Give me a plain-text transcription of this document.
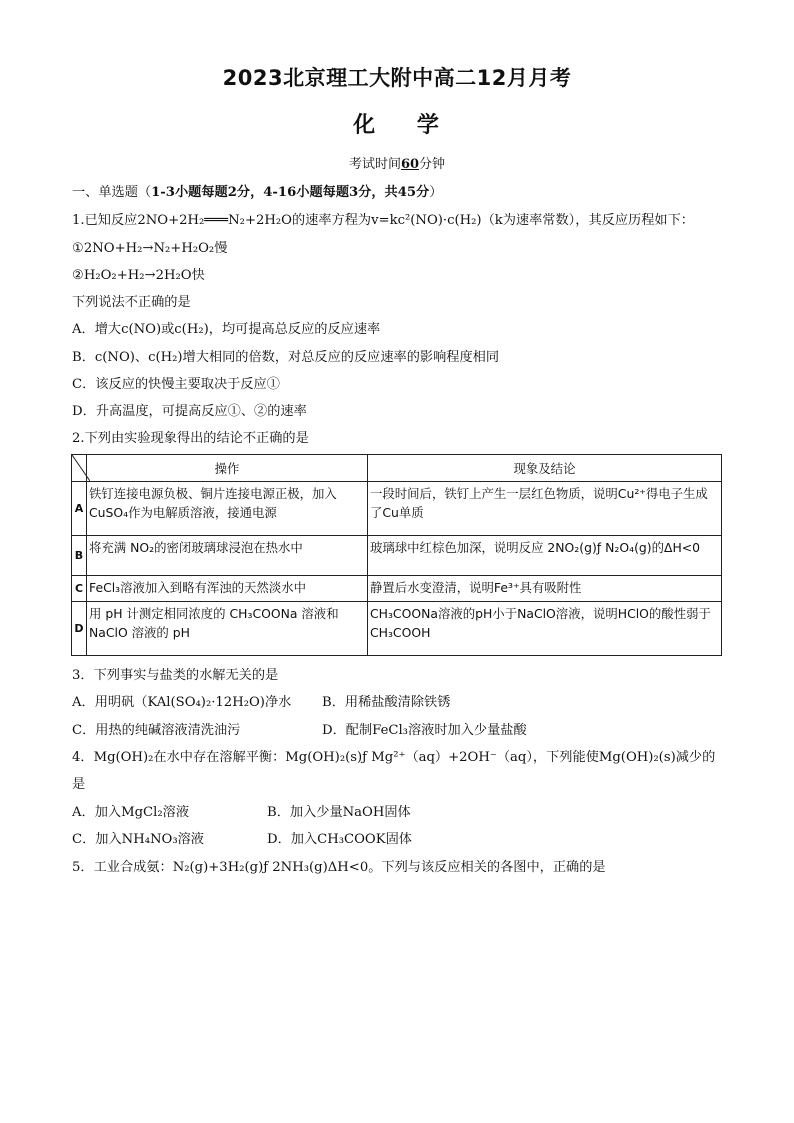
2023北京理工大附中高二12月月考
化 学
考试时间60分钟
一、单选题（1-3小题每题2分，4-16小题每题3分，共45分）
1.已知反应2NO+2H₂═══N₂+2H₂O的速率方程为v=kc²(NO)·c(H₂)（k为速率常数），其反应历程如下：
①2NO+H₂→N₂+H₂O₂慢
②H₂O₂+H₂→2H₂O快
下列说法不正确的是
A．增大c(NO)或c(H₂)，均可提高总反应的反应速率
B．c(NO)、c(H₂)增大相同的倍数，对总反应的反应速率的影响程度相同
C．该反应的快慢主要取决于反应①
D．升高温度，可提高反应①、②的速率
2.下列由实验现象得出的结论不正确的是
	操作	现象及结论
A	铁钉连接电源负极、铜片连接电源正极，加入 CuSO₄作为电解质溶液，接通电源	一段时间后，铁钉上产生一层红色物质，说明Cu²⁺得电子生成了Cu单质
B	将充满 NO₂的密闭玻璃球浸泡在热水中	玻璃球中红棕色加深，说明反应 2NO₂(g)ƒ N₂O₄(g)的ΔH<0
C	FeCl₃溶液加入到略有浑浊的天然淡水中	静置后水变澄清，说明Fe³⁺具有吸附性
D	用 pH 计测定相同浓度的 CH₃COONa 溶液和 NaClO 溶液的 pH	CH₃COONa溶液的pH小于NaClO溶液，说明HClO的酸性弱于CH₃COOH
3．下列事实与盐类的水解无关的是
A．用明矾（KAl(SO₄)₂·12H₂O)净水 B．用稀盐酸清除铁锈
C．用热的纯碱溶液清洗油污	D．配制FeCl₃溶液时加入少量盐酸
4．Mg(OH)₂在水中存在溶解平衡：Mg(OH)₂(s)ƒ Mg²⁺（aq）+2OH⁻（aq），下列能使Mg(OH)₂(s)减少的
是
A．加入MgCl₂溶液	B．加入少量NaOH固体
C．加入NH₄NO₃溶液	D．加入CH₃COOK固体
5．工业合成氨：N₂(g)+3H₂(g)ƒ 2NH₃(g)ΔH<0。下列与该反应相关的各图中，正确的是
